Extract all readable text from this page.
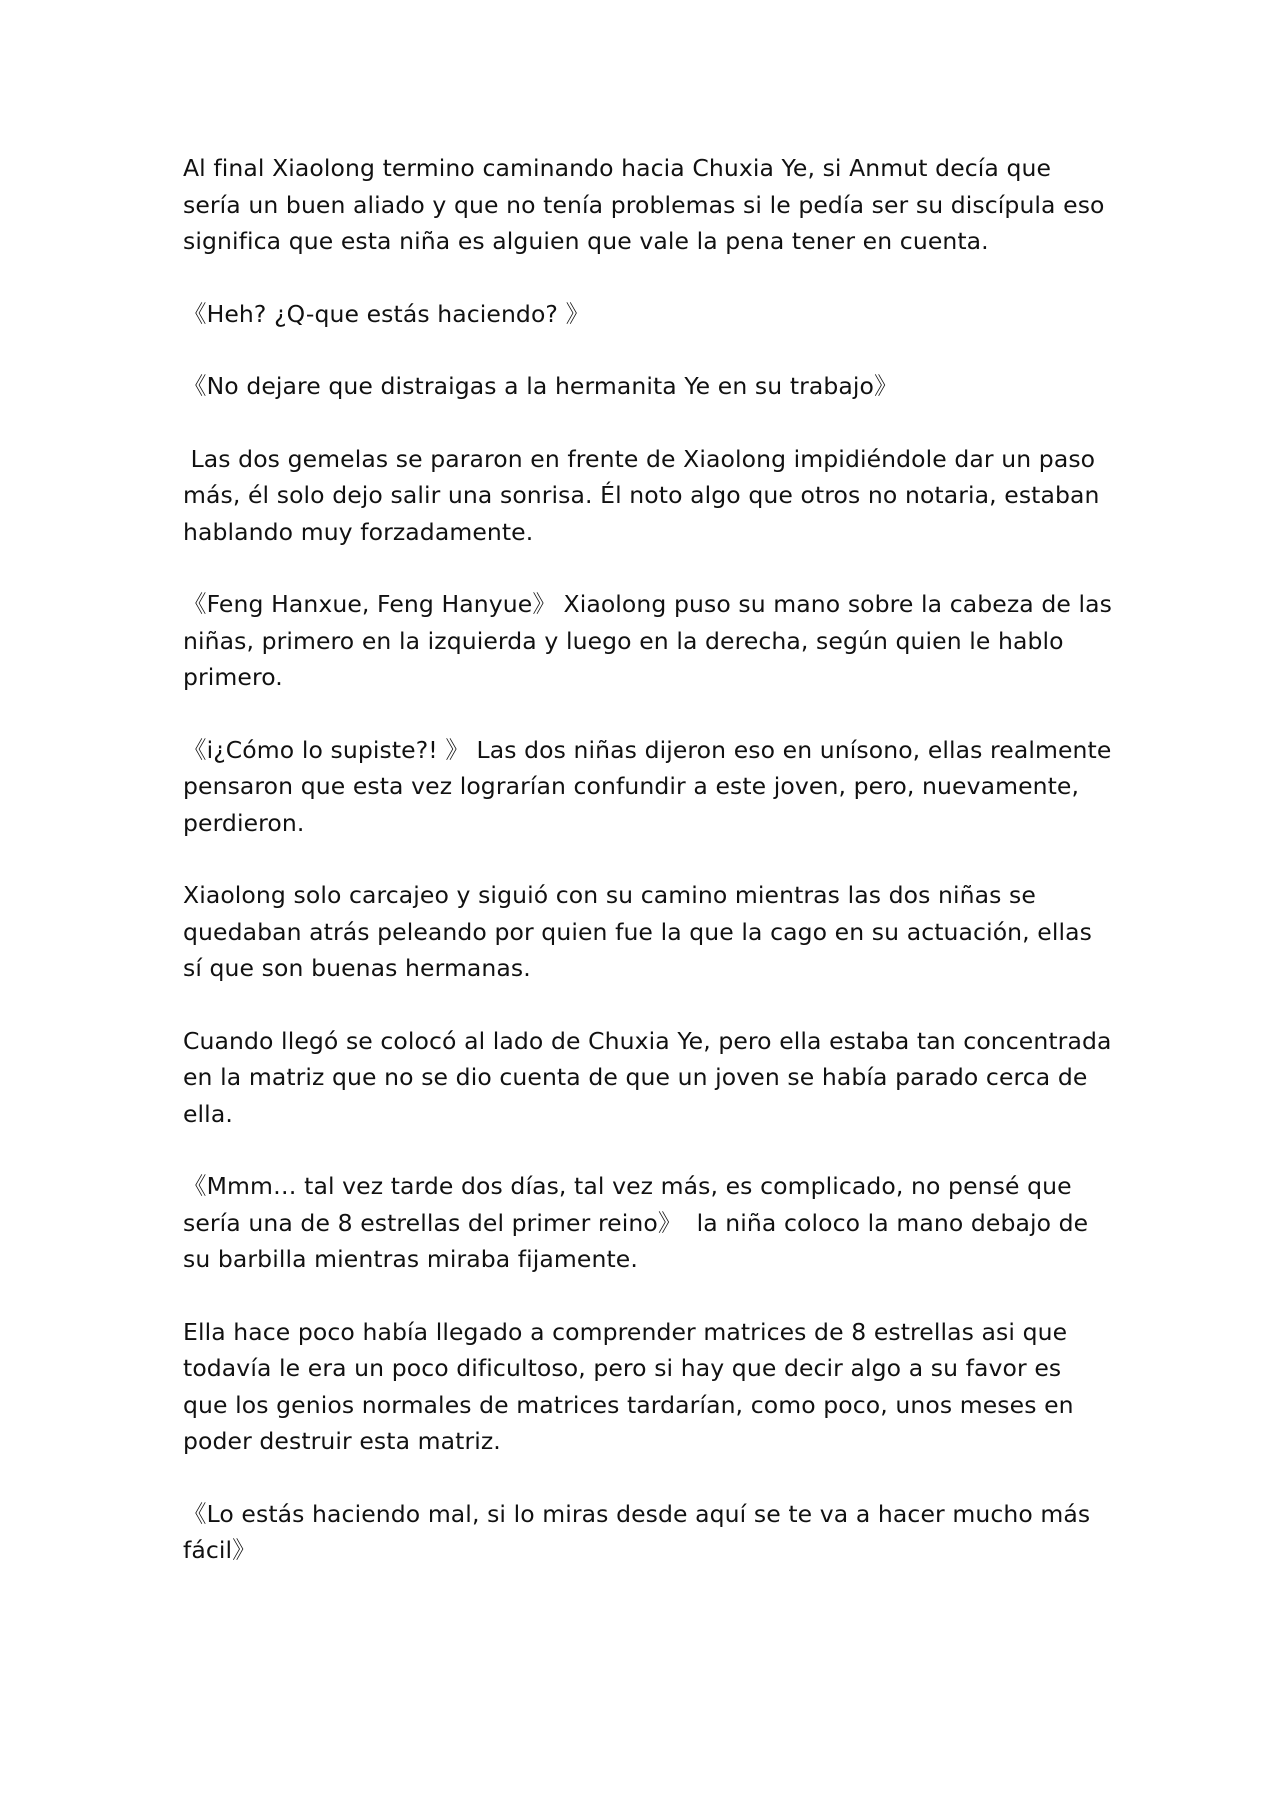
Al final Xiaolong termino caminando hacia Chuxia Ye, si Anmut decía que sería un buen aliado y que no tenía problemas si le pedía ser su discípula eso significa que esta niña es alguien que vale la pena tener en cuenta.

《Heh? ¿Q-que estás haciendo? 》

《No dejare que distraigas a la hermanita Ye en su trabajo》

Las dos gemelas se pararon en frente de Xiaolong impidiéndole dar un paso más, él solo dejo salir una sonrisa. Él noto algo que otros no notaria, estaban hablando muy forzadamente.

《Feng Hanxue, Feng Hanyue》 Xiaolong puso su mano sobre la cabeza de las niñas, primero en la izquierda y luego en la derecha, según quien le hablo primero.

《i¿Cómo lo supiste?! 》 Las dos niñas dijeron eso en unísono, ellas realmente pensaron que esta vez lograrían confundir a este joven, pero, nuevamente, perdieron.

Xiaolong solo carcajeo y siguió con su camino mientras las dos niñas se quedaban atrás peleando por quien fue la que la cago en su actuación, ellas sí que son buenas hermanas.

Cuando llegó se colocó al lado de Chuxia Ye, pero ella estaba tan concentrada en la matriz que no se dio cuenta de que un joven se había parado cerca de ella.

《Mmm… tal vez tarde dos días, tal vez más, es complicado, no pensé que sería una de 8 estrellas del primer reino》  la niña coloco la mano debajo de su barbilla mientras miraba fijamente.

Ella hace poco había llegado a comprender matrices de 8 estrellas asi que todavía le era un poco dificultoso, pero si hay que decir algo a su favor es que los genios normales de matrices tardarían, como poco, unos meses en poder destruir esta matriz.

《Lo estás haciendo mal, si lo miras desde aquí se te va a hacer mucho más fácil》
